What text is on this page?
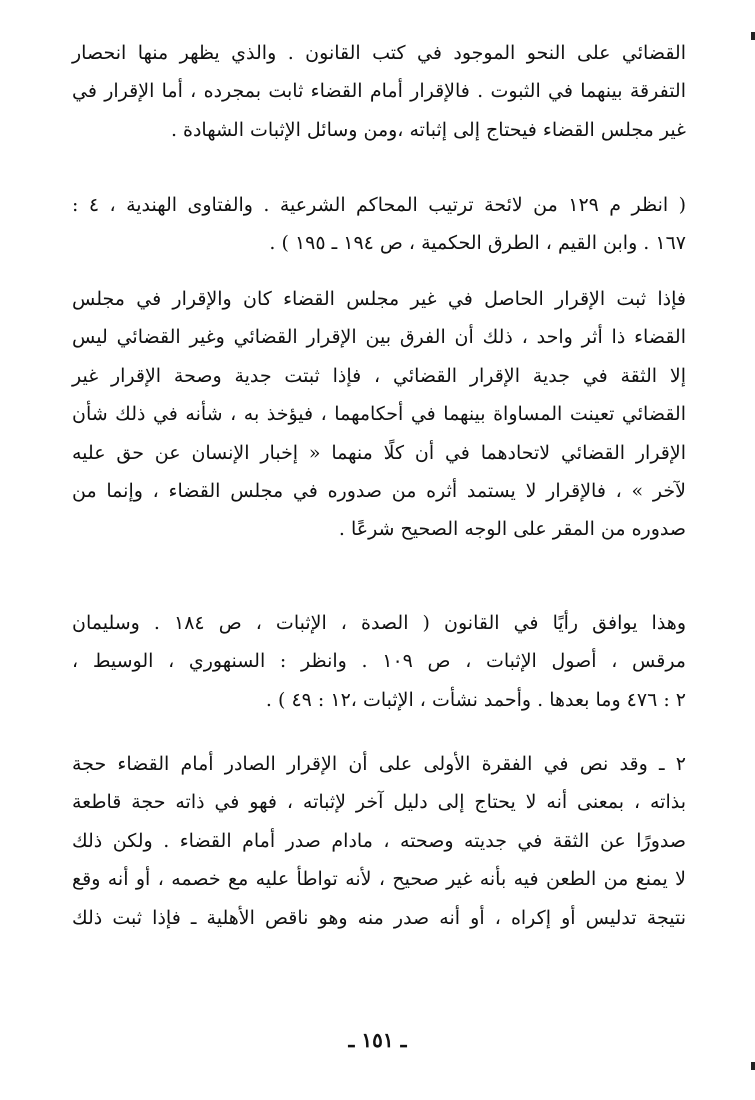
القضائي على النحو الموجود في كتب القانون . والذي يظهر منها انحصار
التفرقة بينهما في الثبوت . فالإقرار أمام القضاء ثابت بمجرده ، أما الإقرار في
غير مجلس القضاء فيحتاج إلى إثباته ،ومن وسائل الإثبات الشهادة .
( انظر م ١٢٩ من لائحة ترتيب المحاكم الشرعية . والفتاوى الهندية ، ٤ :
١٦٧ . وابن القيم ، الطرق الحكمية ، ص ١٩٤ ـ ١٩٥ ) .
فإذا ثبت الإقرار الحاصل في غير مجلس القضاء كان والإقرار في مجلس
القضاء ذا أثر واحد ، ذلك أن الفرق بين الإقرار القضائي وغير القضائي ليس
إلا الثقة في جدية الإقرار القضائي ، فإذا ثبتت جدية وصحة الإقرار غير
القضائي تعينت المساواة بينهما في أحكامهما ، فيؤخذ به ، شأنه في ذلك شأن
الإقرار القضائي لاتحادهما في أن كلًا منهما « إخبار الإنسان عن حق عليه
لآخر » ، فالإقرار لا يستمد أثره من صدوره في مجلس القضاء ، وإنما من
صدوره من المقر على الوجه الصحيح شرعًا .
وهذا يوافق رأيًا في القانون ( الصدة ، الإثبات ، ص ١٨٤ . وسليمان
مرقس ، أصول الإثبات ، ص ١٠٩ . وانظر : السنهوري ، الوسيط ،
٢ : ٤٧٦ وما بعدها . وأحمد نشأت ، الإثبات ،١٢ : ٤٩ ) .
٢ ـ وقد نص في الفقرة الأولى على أن الإقرار الصادر أمام القضاء حجة
بذاته ، بمعنى أنه لا يحتاج إلى دليل آخر لإثباته ، فهو في ذاته حجة قاطعة
صدورًا عن الثقة في جديته وصحته ، مادام صدر أمام القضاء . ولكن ذلك
لا يمنع من الطعن فيه بأنه غير صحيح ، لأنه تواطأ عليه مع خصمه ، أو أنه وقع
نتيجة تدليس أو إكراه ، أو أنه صدر منه وهو ناقص الأهلية ـ فإذا ثبت ذلك
ـ ١٥١ ـ
